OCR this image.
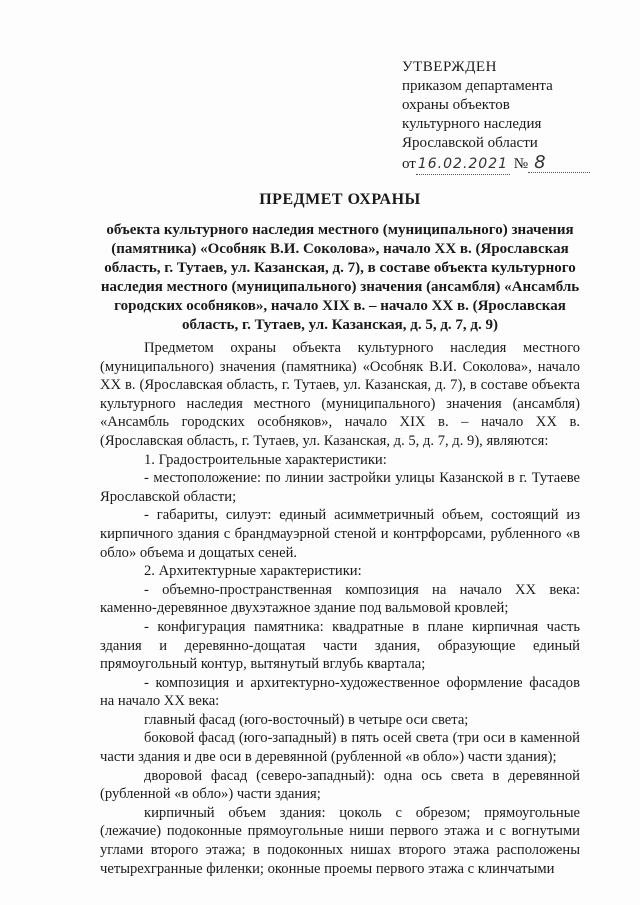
УТВЕРЖДЕН
приказом департамента
охраны объектов
культурного наследия
Ярославской области
от 16.02.2021 № 8
ПРЕДМЕТ ОХРАНЫ
объекта культурного наследия местного (муниципального) значения (памятника) «Особняк В.И. Соколова», начало XX в. (Ярославская область, г. Тутаев, ул. Казанская, д. 7), в составе объекта культурного наследия местного (муниципального) значения (ансамбля) «Ансамбль городских особняков», начало XIX в. – начало XX в. (Ярославская область, г. Тутаев, ул. Казанская, д. 5, д. 7, д. 9)

Предметом охраны объекта культурного наследия местного (муниципального) значения (памятника) «Особняк В.И. Соколова», начало XX в. (Ярославская область, г. Тутаев, ул. Казанская, д. 7), в составе объекта культурного наследия местного (муниципального) значения (ансамбля) «Ансамбль городских особняков», начало XIX в. – начало XX в. (Ярославская область, г. Тутаев, ул. Казанская, д. 5, д. 7, д. 9), являются:

1. Градостроительные характеристики:

- местоположение: по линии застройки улицы Казанской в г. Тутаеве Ярославской области;

- габариты, силуэт: единый асимметричный объем, состоящий из кирпичного здания с брандмауэрной стеной и контрфорсами, рубленного «в обло» объема и дощатых сеней.

2. Архитектурные характеристики:

- объемно-пространственная композиция на начало XX века: каменно-деревянное двухэтажное здание под вальмовой кровлей;

- конфигурация памятника: квадратные в плане кирпичная часть здания и деревянно-дощатая части здания, образующие единый прямоугольный контур, вытянутый вглубь квартала;

- композиция и архитектурно-художественное оформление фасадов на начало XX века:

главный фасад (юго-восточный) в четыре оси света;

боковой фасад (юго-западный) в пять осей света (три оси в каменной части здания и две оси в деревянной (рубленной «в обло») части здания);

дворовой фасад (северо-западный): одна ось света в деревянной (рубленной «в обло») части здания;

кирпичный объем здания: цоколь с обрезом; прямоугольные (лежачие) подоконные прямоугольные ниши первого этажа и с вогнутыми углами второго этажа; в подоконных нишах второго этажа расположены четырехгранные филенки; оконные проемы первого этажа с клинчатыми
